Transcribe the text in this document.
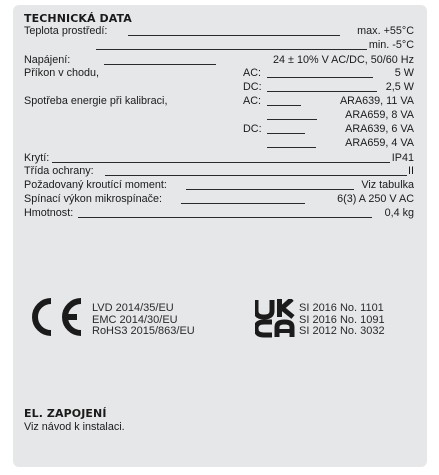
TECHNICKÁ DATA
Teplota prostředí:	max. +55°C
min. -5°C
Napájení:	24 ± 10% V AC/DC, 50/60 Hz
Příkon v chodu,	AC:	5 W
DC:	2,5 W
Spotřeba energie při kalibraci,	AC:	ARA639, 11 VA
ARA659, 8 VA
DC:	ARA639, 6 VA
ARA659, 4 VA
Krytí:	IP41
Třída ochrany:	II
Požadovaný kroutící moment:	Viz tabulka
Spínací výkon mikrospínače:	6(3) A 250 V AC
Hmotnost:	0,4 kg
LVD 2014/35/EU
EMC 2014/30/EU
RoHS3 2015/863/EU
SI 2016 No. 1101
SI 2016 No. 1091
SI 2012 No. 3032
EL. ZAPOJENÍ
Viz návod k instalaci.
